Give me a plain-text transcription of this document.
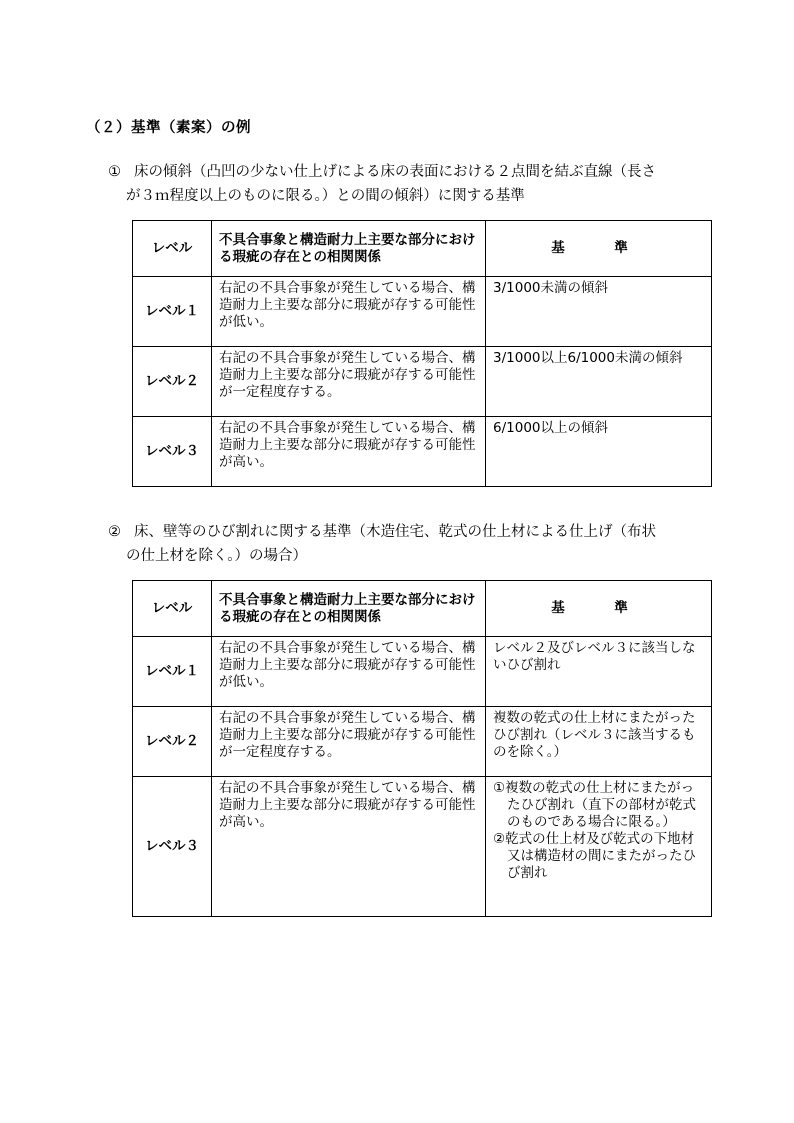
（２）基準（素案）の例
① 床の傾斜（凸凹の少ない仕上げによる床の表面における２点間を結ぶ直線（長さ
が３ｍ程度以上のものに限る。）との間の傾斜）に関する基準
レベル	不具合事象と構造耐力上主要な部分における瑕疵の存在との相関関係	基　準
レベル１	右記の不具合事象が発生している場合、構造耐力上主要な部分に瑕疵が存する可能性が低い。	3/1000未満の傾斜
レベル２	右記の不具合事象が発生している場合、構造耐力上主要な部分に瑕疵が存する可能性が一定程度存する。	3/1000以上6/1000未満の傾斜
レベル３	右記の不具合事象が発生している場合、構造耐力上主要な部分に瑕疵が存する可能性が高い。	6/1000以上の傾斜
② 床、壁等のひび割れに関する基準（木造住宅、乾式の仕上材による仕上げ（布状
の仕上材を除く。）の場合）
レベル	不具合事象と構造耐力上主要な部分における瑕疵の存在との相関関係	基　準
レベル１	右記の不具合事象が発生している場合、構造耐力上主要な部分に瑕疵が存する可能性が低い。	レベル２及びレベル３に該当しないひび割れ
レベル２	右記の不具合事象が発生している場合、構造耐力上主要な部分に瑕疵が存する可能性が一定程度存する。	複数の乾式の仕上材にまたがったひび割れ（レベル３に該当するものを除く。）
レベル３	右記の不具合事象が発生している場合、構造耐力上主要な部分に瑕疵が存する可能性が高い。	①複数の乾式の仕上材にまたがったひび割れ（直下の部材が乾式のものである場合に限る。）
②乾式の仕上材及び乾式の下地材又は構造材の間にまたがったひび割れ
